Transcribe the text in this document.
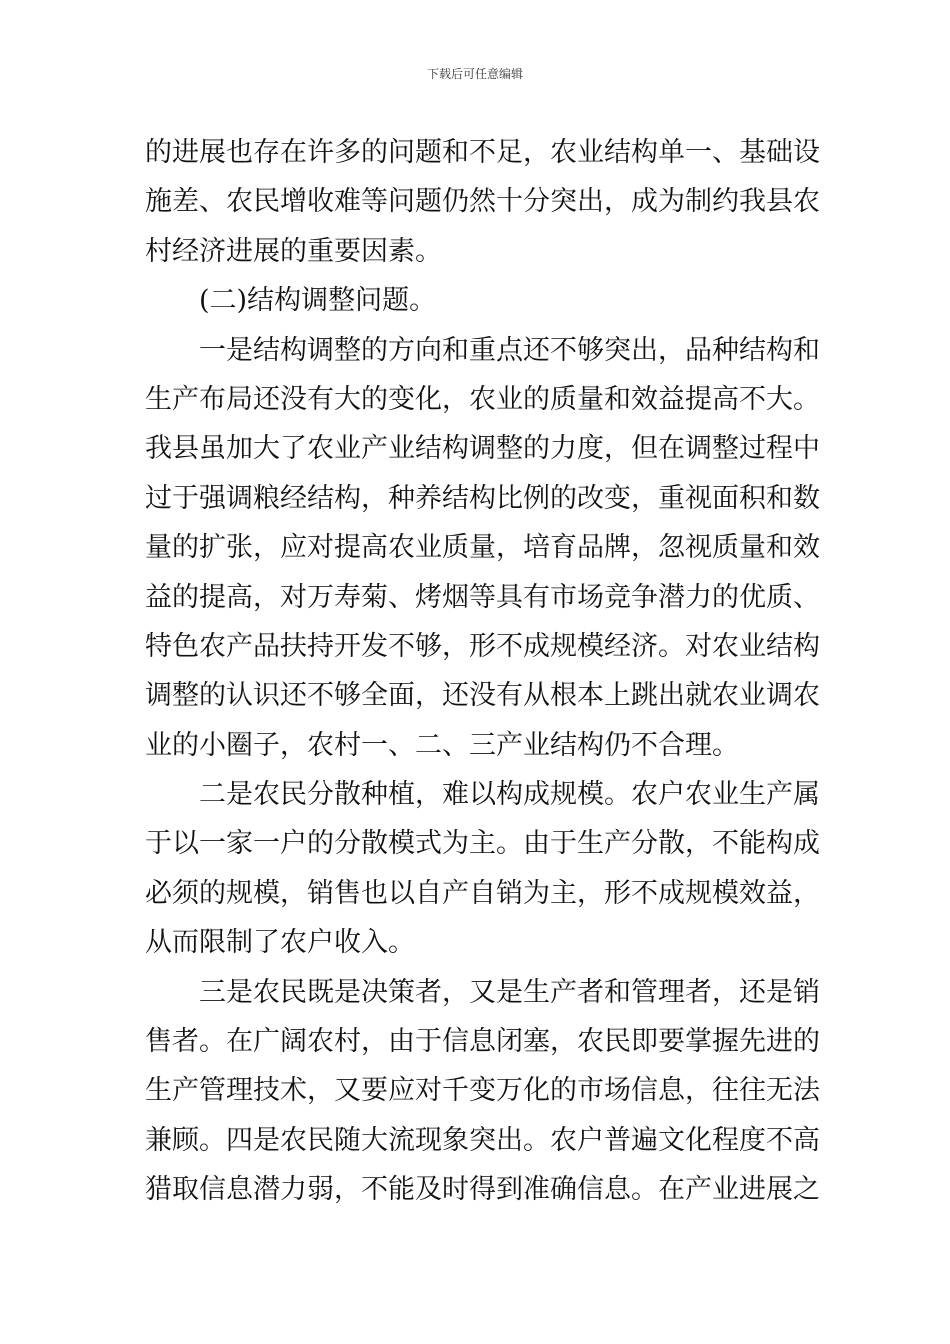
下载后可任意编辑
的进展也存在许多的问题和不足，农业结构单一、基础设
施差、农民增收难等问题仍然十分突出，成为制约我县农
村经济进展的重要因素。
(二)结构调整问题。
一是结构调整的方向和重点还不够突出，品种结构和
生产布局还没有大的变化，农业的质量和效益提高不大。
我县虽加大了农业产业结构调整的力度，但在调整过程中
过于强调粮经结构，种养结构比例的改变，重视面积和数
量的扩张，应对提高农业质量，培育品牌，忽视质量和效
益的提高，对万寿菊、烤烟等具有市场竞争潜力的优质、
特色农产品扶持开发不够，形不成规模经济。对农业结构
调整的认识还不够全面，还没有从根本上跳出就农业调农
业的小圈子，农村一、二、三产业结构仍不合理。
二是农民分散种植，难以构成规模。农户农业生产属
于以一家一户的分散模式为主。由于生产分散，不能构成
必须的规模，销售也以自产自销为主，形不成规模效益，
从而限制了农户收入。
三是农民既是决策者，又是生产者和管理者，还是销
售者。在广阔农村，由于信息闭塞，农民即要掌握先进的
生产管理技术，又要应对千变万化的市场信息，往往无法
兼顾。四是农民随大流现象突出。农户普遍文化程度不高
猎取信息潜力弱，不能及时得到准确信息。在产业进展之
